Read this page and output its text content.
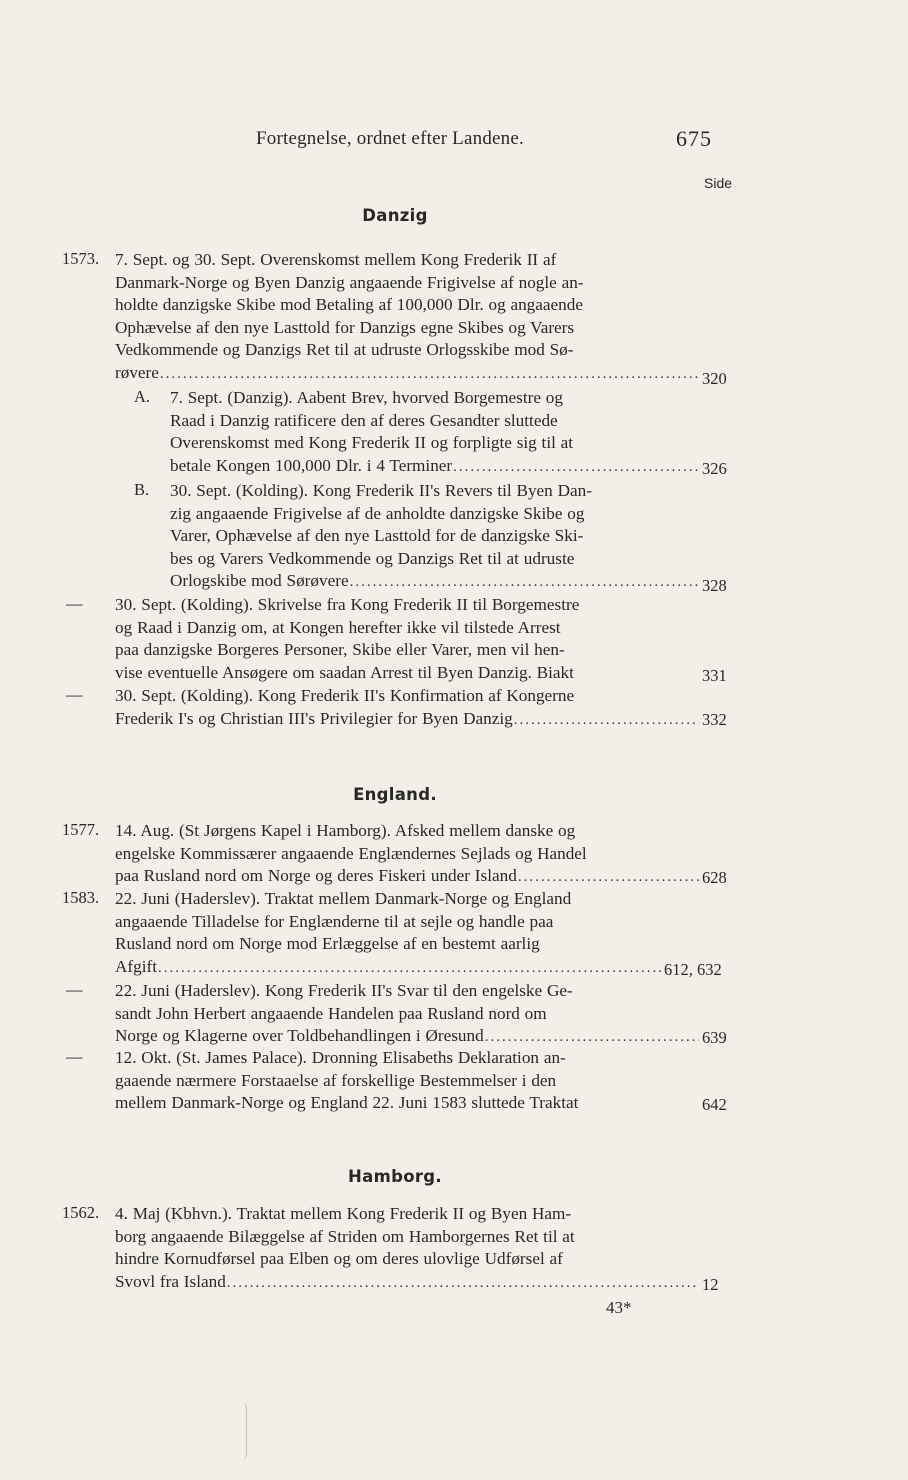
Fortegnelse, ordnet efter Landene.	675
Side
Danzig
1573. 7. Sept. og 30. Sept. Overenskomst mellem Kong Frederik II af
Danmark-Norge og Byen Danzig angaaende Frigivelse af nogle an-
holdte danzigske Skibe mod Betaling af 100,000 Dlr. og angaaende
Ophævelse af den nye Lasttold for Danzigs egne Skibes og Varers
Vedkommende og Danzigs Ret til at udruste Orlogsskibe mod Sø-
røvere .....	320
A. 7. Sept. (Danzig). Aabent Brev, hvorved Borgemestre og
Raad i Danzig ratificere den af deres Gesandter sluttede
Overenskomst med Kong Frederik II og forpligte sig til at
betale Kongen 100,000 Dlr. i 4 Terminer .....	326
B. 30. Sept. (Kolding). Kong Frederik II's Revers til Byen Dan-
zig angaaende Frigivelse af de anholdte danzigske Skibe og
Varer, Ophævelse af den nye Lasttold for de danzigske Ski-
bes og Varers Vedkommende og Danzigs Ret til at udruste
Orlogskibe mod Sørøvere .....	328
— 30. Sept. (Kolding). Skrivelse fra Kong Frederik II til Borgemestre
og Raad i Danzig om, at Kongen herefter ikke vil tilstede Arrest
paa danzigske Borgeres Personer, Skibe eller Varer, men vil hen-
vise eventuelle Ansøgere om saadan Arrest til Byen Danzig. Biakt	331
— 30. Sept. (Kolding). Kong Frederik II's Konfirmation af Kongerne
Frederik I's og Christian III's Privilegier for Byen Danzig .....	332
England.
1577. 14. Aug. (St Jørgens Kapel i Hamborg). Afsked mellem danske og
engelske Kommissærer angaaende Englændernes Sejlads og Handel
paa Rusland nord om Norge og deres Fiskeri under Island .....	628
1583. 22. Juni (Haderslev). Traktat mellem Danmark-Norge og England
angaaende Tilladelse for Englænderne til at sejle og handle paa
Rusland nord om Norge mod Erlæggelse af en bestemt aarlig
Afgift .....	612, 632
— 22. Juni (Haderslev). Kong Frederik II's Svar til den engelske Ge-
sandt John Herbert angaaende Handelen paa Rusland nord om
Norge og Klagerne over Toldbehandlingen i Øresund .....	639
— 12. Okt. (St. James Palace). Dronning Elisabeths Deklaration an-
gaaende nærmere Forstaaelse af forskellige Bestemmelser i den
mellem Danmark-Norge og England 22. Juni 1583 sluttede Traktat	642
Hamborg.
1562. 4. Maj (Kbhvn.). Traktat mellem Kong Frederik II og Byen Ham-
borg angaaende Bilæggelse af Striden om Hamborgernes Ret til at
hindre Kornudførsel paa Elben og om deres ulovlige Udførsel af
Svovl fra Island .....	12
43*
